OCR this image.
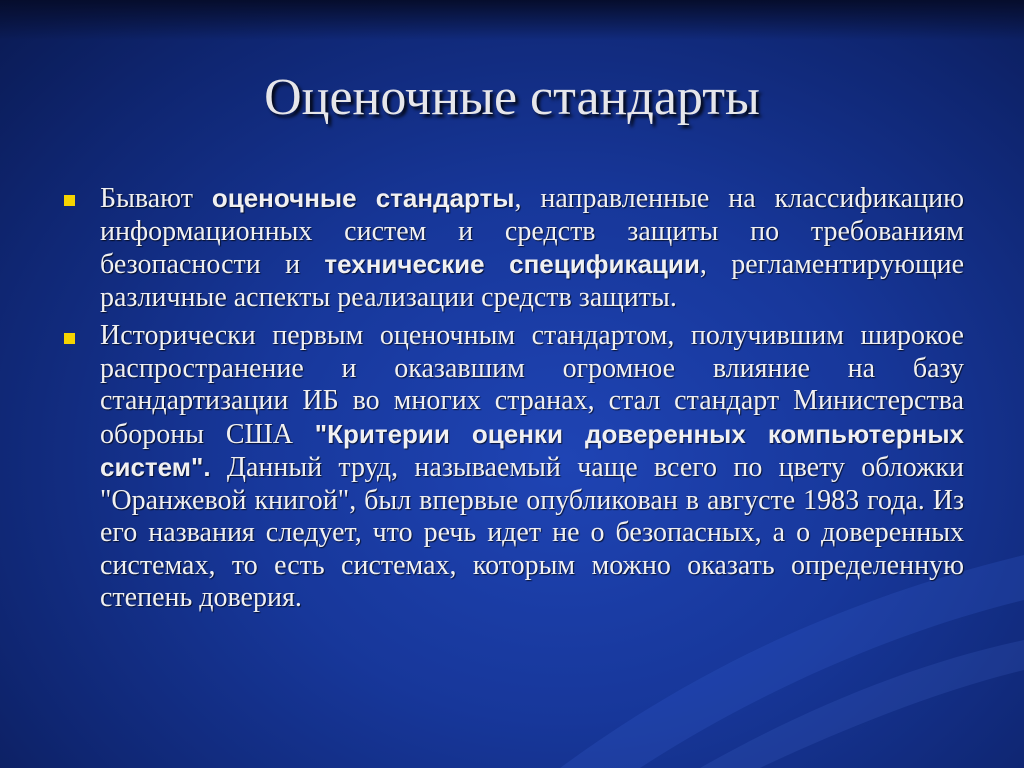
Оценочные стандарты
Бывают оценочные стандарты, направленные на классификацию информационных систем и средств защиты по требованиям безопасности и технические спецификации, регламентирующие различные аспекты реализации средств защиты.
Исторически первым оценочным стандартом, получившим широкое распространение и оказавшим огромное влияние на базу стандартизации ИБ во многих странах, стал стандарт Министерства обороны США "Критерии оценки доверенных компьютерных систем". Данный труд, называемый чаще всего по цвету обложки "Оранжевой книгой", был впервые опубликован в августе 1983 года. Из его названия следует, что речь идет не о безопасных, а о доверенных системах, то есть системах, которым можно оказать определенную степень доверия.
